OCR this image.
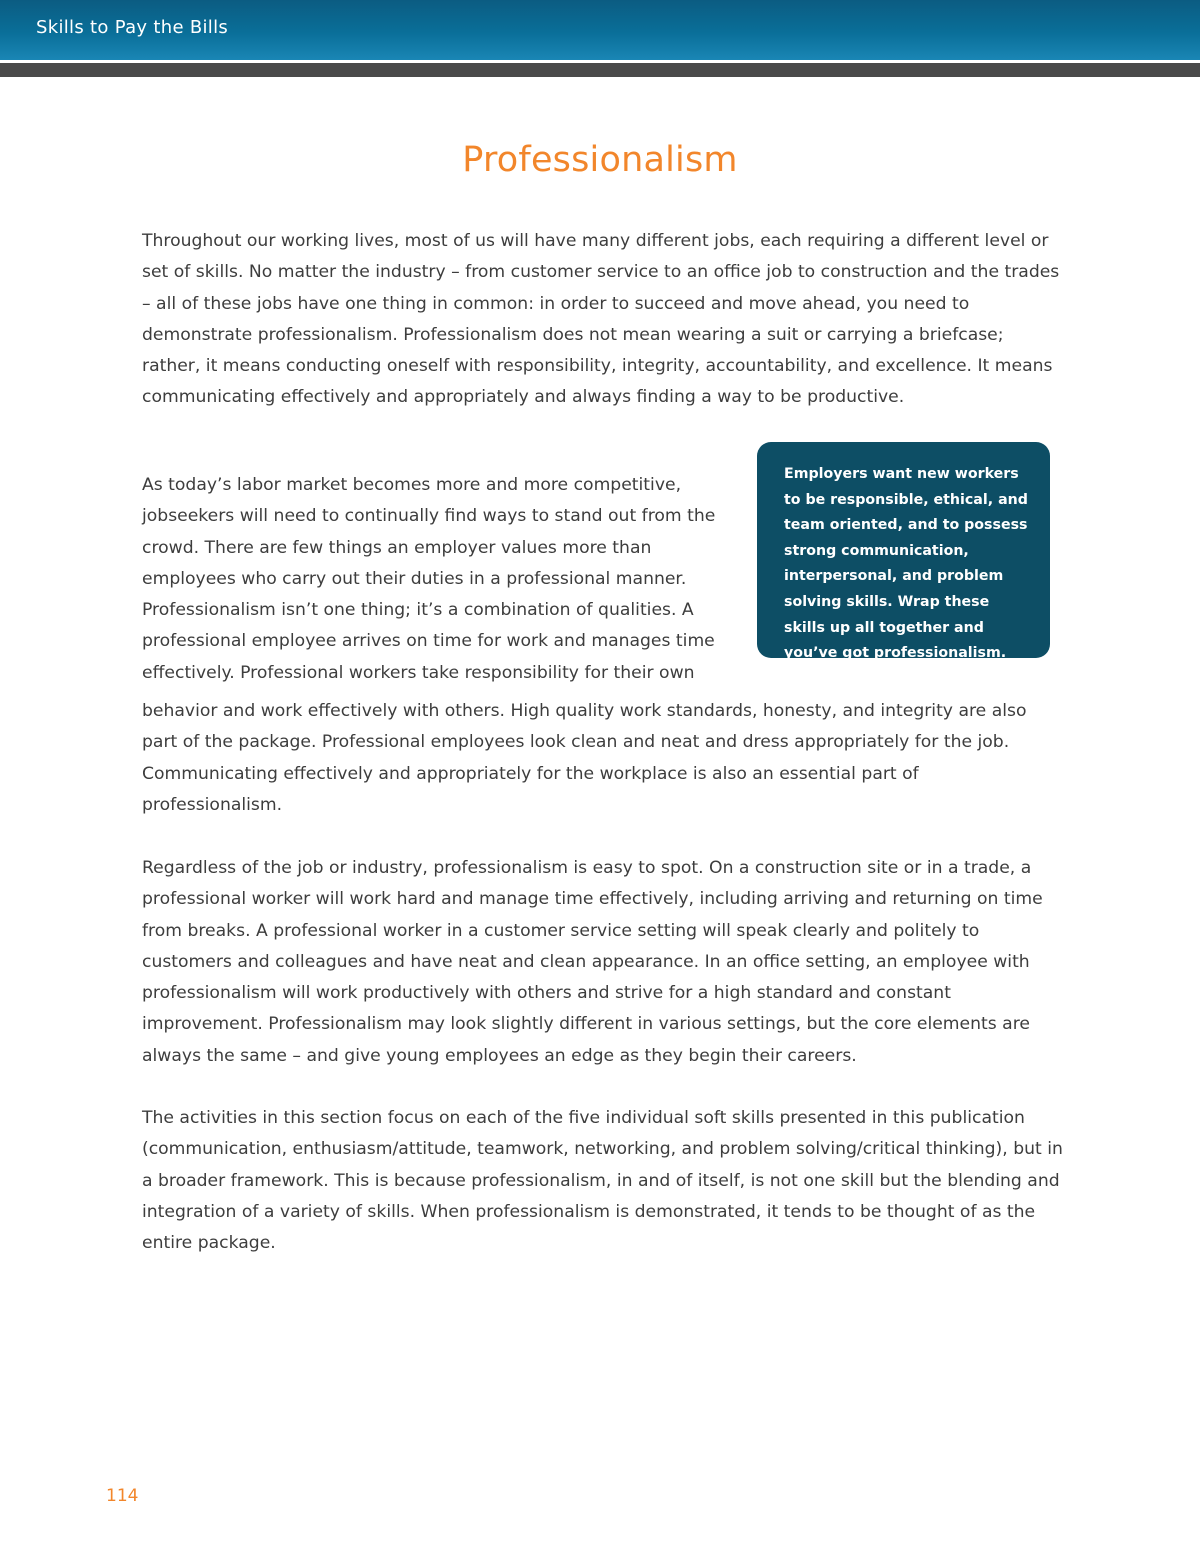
Skills to Pay the Bills
Professionalism

Throughout our working lives, most of us will have many different jobs, each requiring a different level or set of skills. No matter the industry – from customer service to an office job to construction and the trades – all of these jobs have one thing in common: in order to succeed and move ahead, you need to demonstrate professionalism. Professionalism does not mean wearing a suit or carrying a briefcase; rather, it means conducting oneself with responsibility, integrity, accountability, and excellence. It means communicating effectively and appropriately and always finding a way to be productive.

As today’s labor market becomes more and more competitive, jobseekers will need to continually find ways to stand out from the crowd. There are few things an employer values more than employees who carry out their duties in a professional manner. Professionalism isn’t one thing; it’s a combination of qualities. A professional employee arrives on time for work and manages time effectively. Professional workers take responsibility for their own

Employers want new workers to be responsible, ethical, and team oriented, and to possess strong communication, interpersonal, and problem solving skills. Wrap these skills up all together and you’ve got professionalism.

behavior and work effectively with others. High quality work standards, honesty, and integrity are also part of the package. Professional employees look clean and neat and dress appropriately for the job. Communicating effectively and appropriately for the workplace is also an essential part of professionalism.

Regardless of the job or industry, professionalism is easy to spot. On a construction site or in a trade, a professional worker will work hard and manage time effectively, including arriving and returning on time from breaks. A professional worker in a customer service setting will speak clearly and politely to customers and colleagues and have neat and clean appearance. In an office setting, an employee with professionalism will work productively with others and strive for a high standard and constant improvement. Professionalism may look slightly different in various settings, but the core elements are always the same – and give young employees an edge as they begin their careers.

The activities in this section focus on each of the five individual soft skills presented in this publication (communication, enthusiasm/attitude, teamwork, networking, and problem solving/critical thinking), but in a broader framework. This is because professionalism, in and of itself, is not one skill but the blending and integration of a variety of skills. When professionalism is demonstrated, it tends to be thought of as the entire package.

114
